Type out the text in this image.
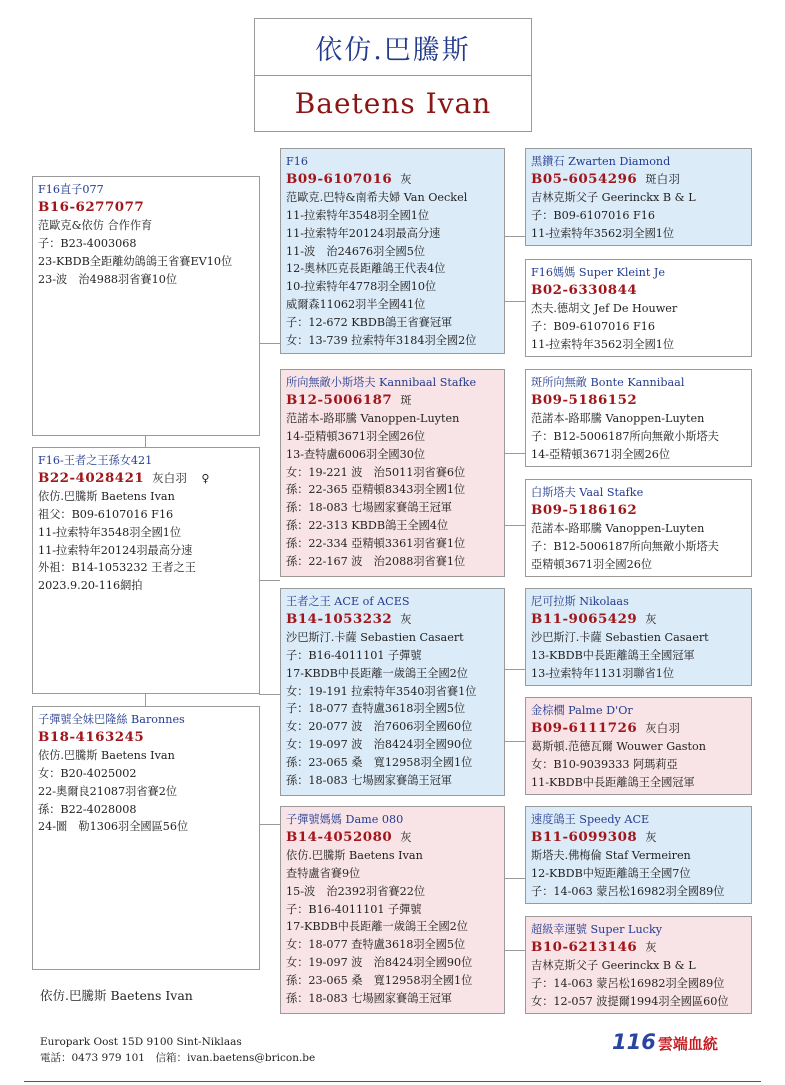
依仿.巴騰斯
Baetens Ivan
F16直子077
B16-6277077
范歐克&依仿 合作作育
子：B23-4003068
23-KBDB全距離幼鴿鴿王省賽EV10位
23-波　治4988羽省賽10位
F16-王者之王孫女421
B22-4028421 灰白羽 ♀
依仿.巴騰斯 Baetens Ivan
祖父：B09-6107016 F16
11-拉索特年3548羽全國1位
11-拉索特年20124羽最高分速
外祖：B14-1053232 王者之王
2023.9.20-116網拍
子彈號全妹巴隆絲 Baronnes
B18-4163245
依仿.巴騰斯 Baetens Ivan
女：B20-4025002
22-奧爾良21087羽省賽2位
孫：B22-4028008
24-圖　勒1306羽全國區56位
F16
B09-6107016 灰
范歐克.巴特&南希夫婦 Van Oeckel
11-拉索特年3548羽全國1位
11-拉索特年20124羽最高分速
11-波　治24676羽全國5位
12-奧林匹克長距離鴿王代表4位
10-拉索特年4778羽全國10位
威爾森11062羽半全國41位
子：12-672 KBDB鴿王省賽冠軍
女：13-739 拉索特年3184羽全國2位
所向無敵小斯塔夫 Kannibaal Stafke
B12-5006187 斑
范諾本-路耶騰 Vanoppen-Luyten
14-亞精頓3671羽全國26位
13-查特盧6006羽全國30位
女：19-221 波　治5011羽省賽6位
孫：22-365 亞精頓8343羽全國1位
孫：18-083 七場國家賽鴿王冠軍
孫：22-313 KBDB鴿王全國4位
孫：22-334 亞精頓3361羽省賽1位
孫：22-167 波　治2088羽省賽1位
王者之王 ACE of ACES
B14-1053232 灰
沙巴斯汀.卡薩 Sebastien Casaert
子：B16-4011101 子彈號
17-KBDB中長距離一歲鴿王全國2位
女：19-191 拉索特年3540羽省賽1位
子：18-077 查特盧3618羽全國5位
女：20-077 波　治7606羽全國60位
女：19-097 波　治8424羽全國90位
孫：23-065 桑　寬12958羽全國1位
孫：18-083 七場國家賽鴿王冠軍
子彈號媽媽 Dame 080
B14-4052080 灰
依仿.巴騰斯 Baetens Ivan
查特盧省賽9位
15-波　治2392羽省賽22位
子：B16-4011101 子彈號
17-KBDB中長距離一歲鴿王全國2位
女：18-077 查特盧3618羽全國5位
女：19-097 波　治8424羽全國90位
孫：23-065 桑　寬12958羽全國1位
孫：18-083 七場國家賽鴿王冠軍
黑鑽石 Zwarten Diamond
B05-6054296 斑白羽
吉林克斯父子 Geerinckx B & L
子：B09-6107016 F16
11-拉索特年3562羽全國1位
F16媽媽 Super Kleint Je
B02-6330844
杰夫.德胡文 Jef De Houwer
子：B09-6107016 F16
11-拉索特年3562羽全國1位
斑所向無敵 Bonte Kannibaal
B09-5186152
范諾本-路耶騰 Vanoppen-Luyten
子：B12-5006187所向無敵小斯塔夫
14-亞精頓3671羽全國26位
白斯塔夫 Vaal Stafke
B09-5186162
范諾本-路耶騰 Vanoppen-Luyten
子：B12-5006187所向無敵小斯塔夫
亞精頓3671羽全國26位
尼可拉斯 Nikolaas
B11-9065429 灰
沙巴斯汀.卡薩 Sebastien Casaert
13-KBDB中長距離鴿王全國冠軍
13-拉索特年1131羽聯省1位
金棕櫚 Palme D'Or
B09-6111726 灰白羽
葛斯頓.范德瓦爾 Wouwer Gaston
女：B10-9039333 阿瑪莉亞
11-KBDB中長距離鴿王全國冠軍
速度鴿王 Speedy ACE
B11-6099308 灰
斯塔夫.佛梅倫 Staf Vermeiren
12-KBDB中短距離鴿王全國7位
子：14-063 蒙呂松16982羽全國89位
超級幸運號 Super Lucky
B10-6213146 灰
吉林克斯父子 Geerinckx B & L
子：14-063 蒙呂松16982羽全國89位
女：12-057 波提爾1994羽全國區60位
依仿.巴騰斯 Baetens Ivan
Europark Oost 15D 9100 Sint-Niklaas
電話：0473 979 101　信箱：ivan.baetens@bricon.be
116 雲端血統
